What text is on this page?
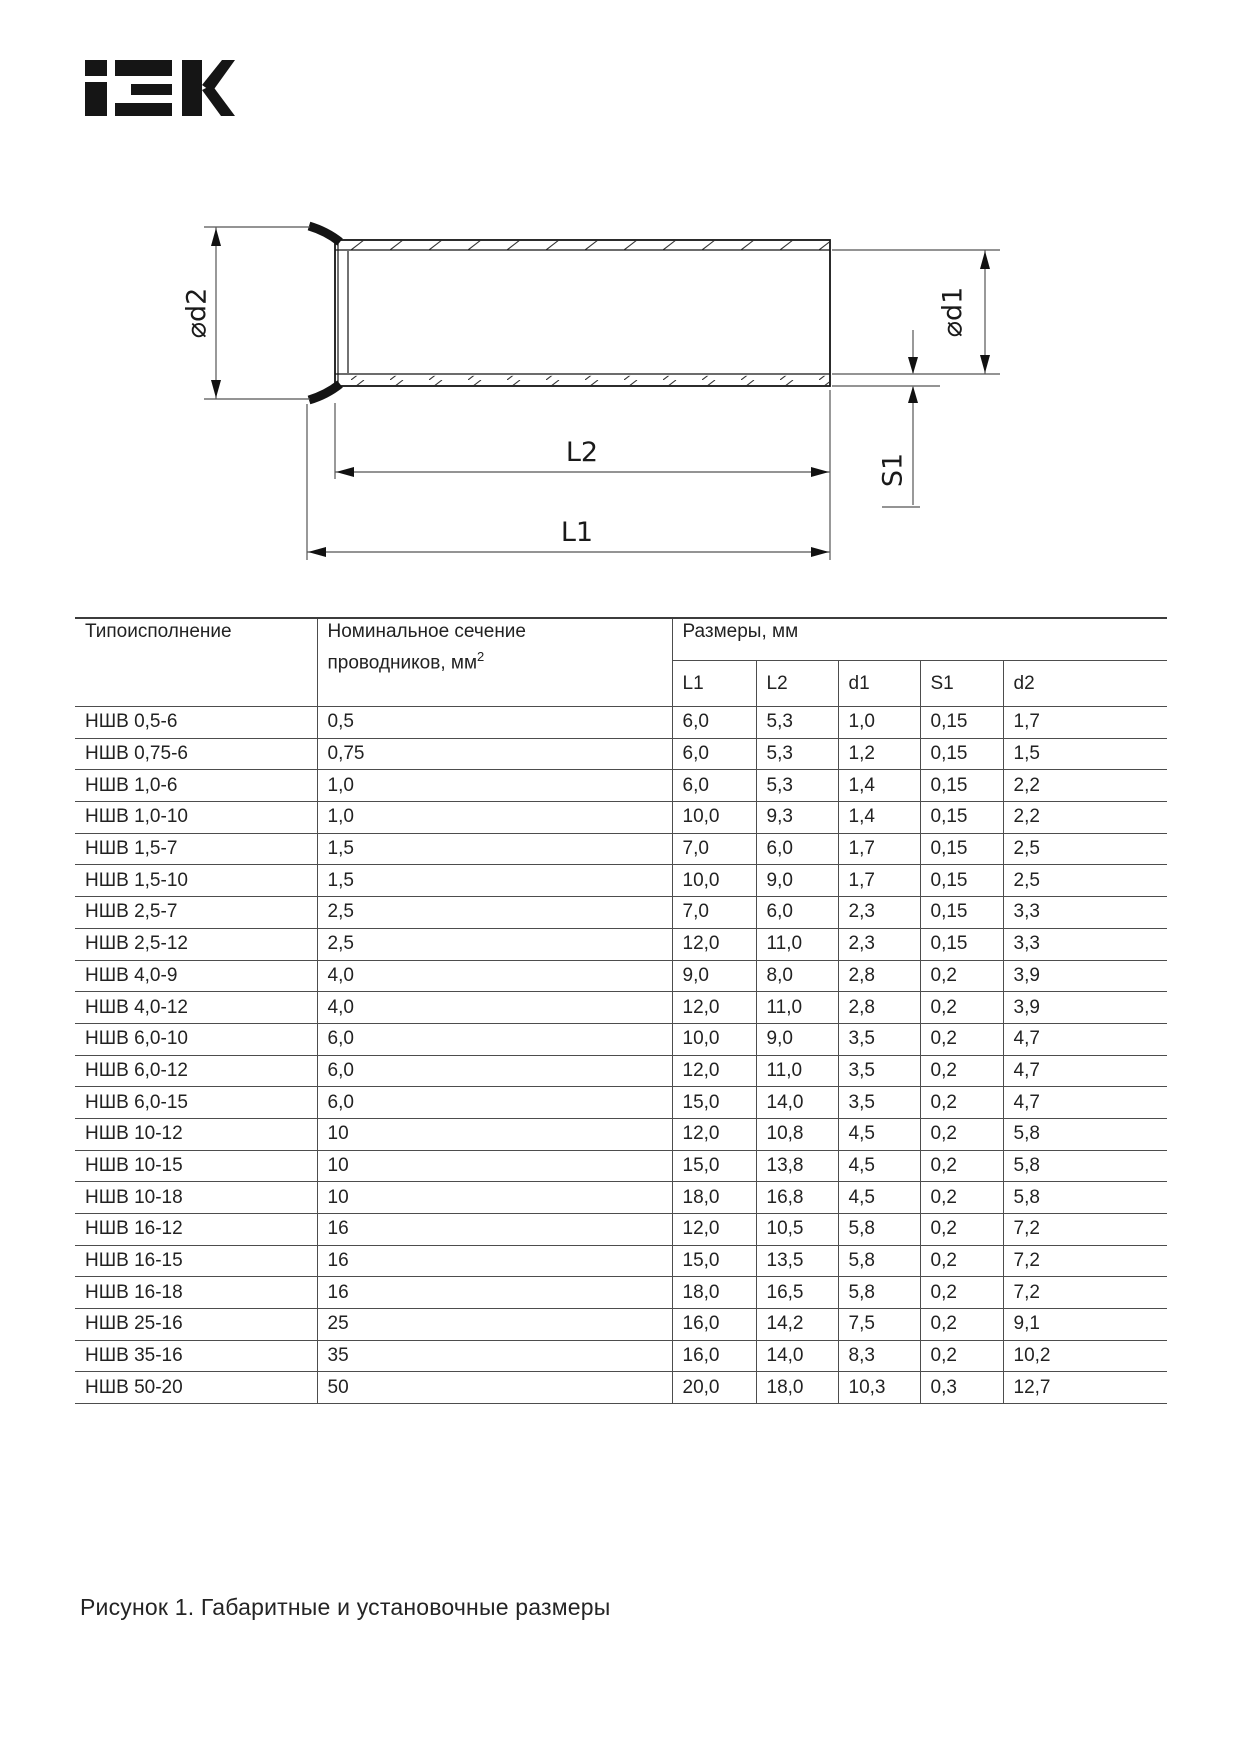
⌀d2
L2
L1
⌀d1
S1
Типоисполнение	Номинальное сечение
проводников, $мм^2$	Размеры, мм				
		L1	L2	d1	S1	d2
НШВ 0,5-6	0,5	6,0	5,3	1,0	0,15	1,7
НШВ 0,75-6	0,75	6,0	5,3	1,2	0,15	1,5
НШВ 1,0-6	1,0	6,0	5,3	1,4	0,15	2,2
НШВ 1,0-10	1,0	10,0	9,3	1,4	0,15	2,2
НШВ 1,5-7	1,5	7,0	6,0	1,7	0,15	2,5
НШВ 1,5-10	1,5	10,0	9,0	1,7	0,15	2,5
НШВ 2,5-7	2,5	7,0	6,0	2,3	0,15	3,3
НШВ 2,5-12	2,5	12,0	11,0	2,3	0,15	3,3
НШВ 4,0-9	4,0	9,0	8,0	2,8	0,2	3,9
НШВ 4,0-12	4,0	12,0	11,0	2,8	0,2	3,9
НШВ 6,0-10	6,0	10,0	9,0	3,5	0,2	4,7
НШВ 6,0-12	6,0	12,0	11,0	3,5	0,2	4,7
НШВ 6,0-15	6,0	15,0	14,0	3,5	0,2	4,7
НШВ 10-12	10	12,0	10,8	4,5	0,2	5,8
НШВ 10-15	10	15,0	13,8	4,5	0,2	5,8
НШВ 10-18	10	18,0	16,8	4,5	0,2	5,8
НШВ 16-12	16	12,0	10,5	5,8	0,2	7,2
НШВ 16-15	16	15,0	13,5	5,8	0,2	7,2
НШВ 16-18	16	18,0	16,5	5,8	0,2	7,2
НШВ 25-16	25	16,0	14,2	7,5	0,2	9,1
НШВ 35-16	35	16,0	14,0	8,3	0,2	10,2
НШВ 50-20	50	20,0	18,0	10,3	0,3	12,7
Рисунок 1. Габаритные и установочные размеры
